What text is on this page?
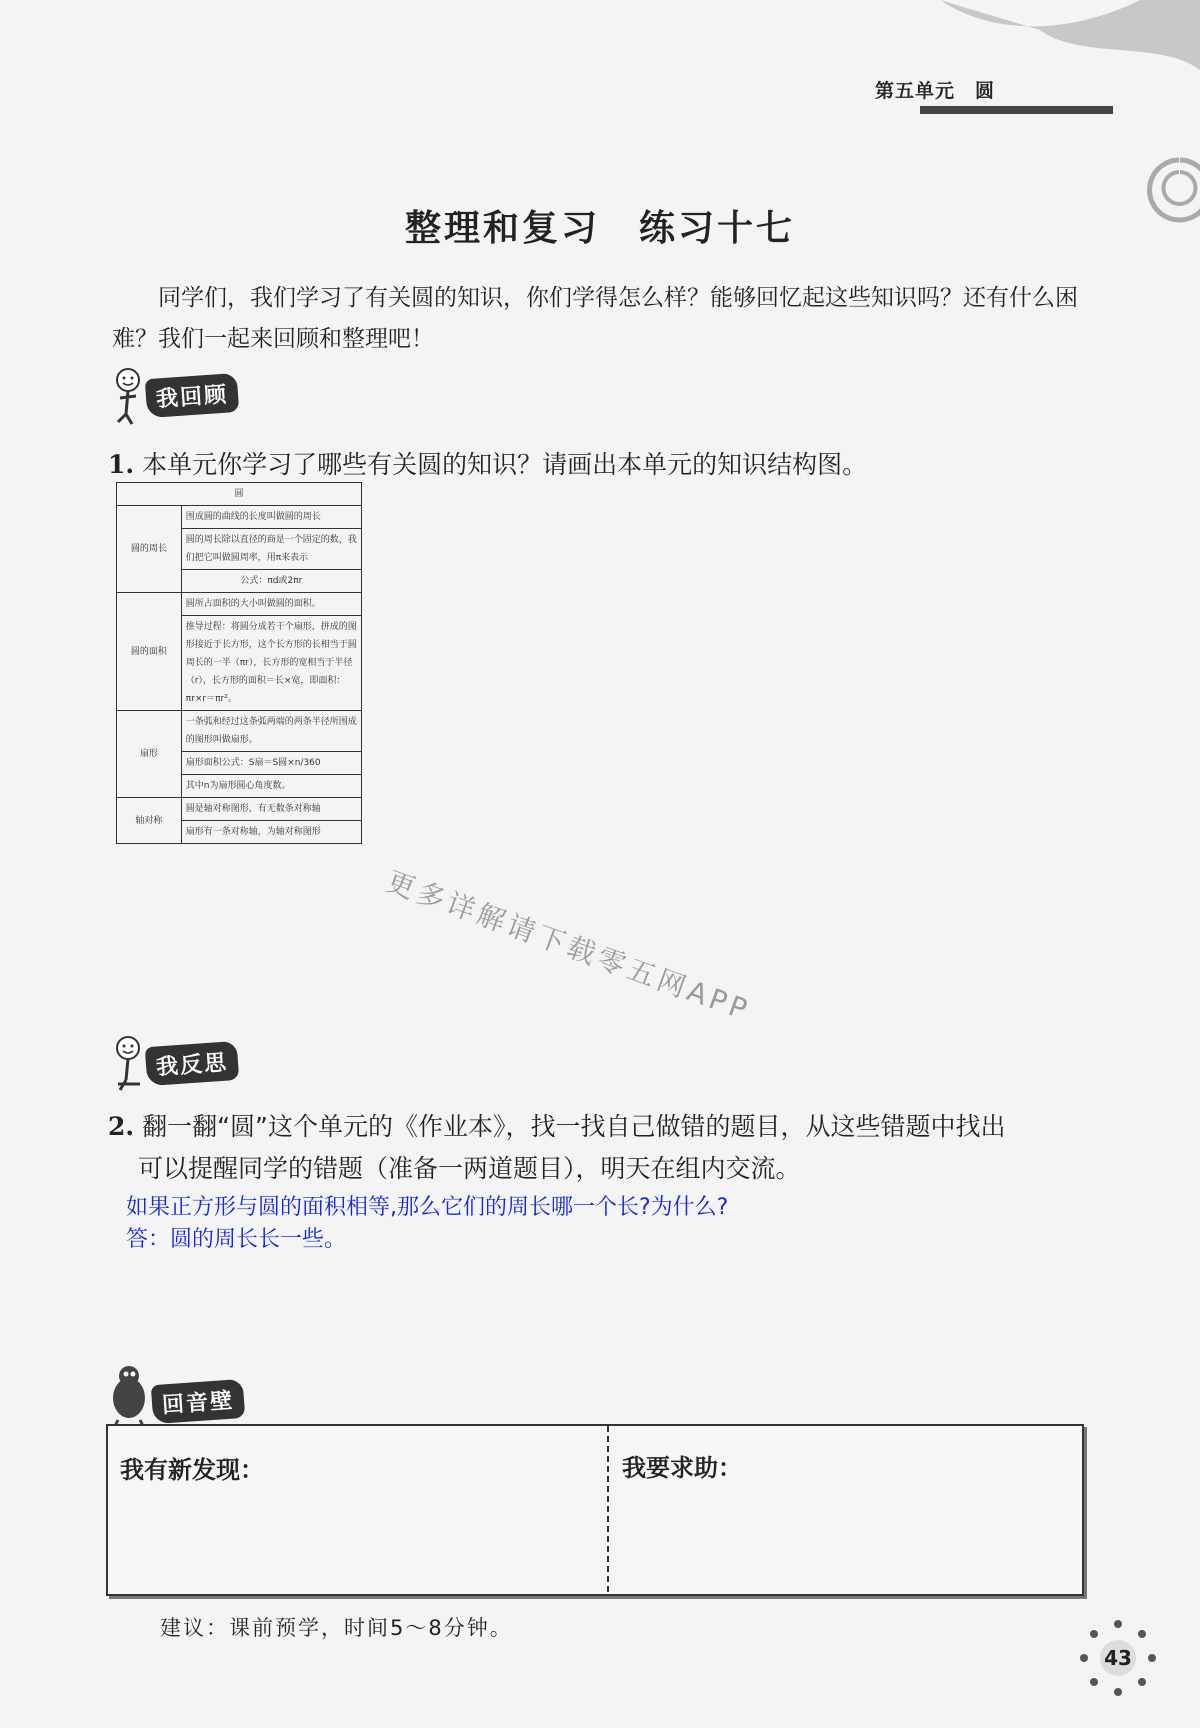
第五单元　圆
整理和复习　练习十七
同学们，我们学习了有关圆的知识，你们学得怎么样？能够回忆起这些知识吗？还有什么困难？我们一起来回顾和整理吧！
我回顾
1. 本单元你学习了哪些有关圆的知识？请画出本单元的知识结构图。
圆	
圆的周长	围成圆的曲线的长度叫做圆的周长
	圆的周长除以直径的商是一个固定的数，我们把它叫做圆周率，用π来表示
	公式：πd或2πr
圆的面积	圆所占面积的大小叫做圆的面积。
	推导过程：将圆分成若干个扇形，拼成的图形接近于长方形，这个长方形的长相当于圆周长的一半（πr），长方形的宽相当于半径（r），长方形的面积＝长×宽，即面积：πr×r＝πr²。
扇形	一条弧和经过这条弧两端的两条半径所围成的图形叫做扇形。
	扇形面积公式：S扇＝S圆×n/360
	其中n为扇形圆心角度数。
轴对称	圆是轴对称图形，有无数条对称轴
	扇形有一条对称轴，为轴对称图形
更多详解请下载零五网APP
我反思
2. 翻一翻“圆”这个单元的《作业本》，找一找自己做错的题目，从这些错题中找出
可以提醒同学的错题（准备一两道题目），明天在组内交流。
如果正方形与圆的面积相等,那么它们的周长哪一个长?为什么?
答：圆的周长长一些。
回音壁
我有新发现：	我要求助：
建议：课前预学，时间5～8分钟。
43
